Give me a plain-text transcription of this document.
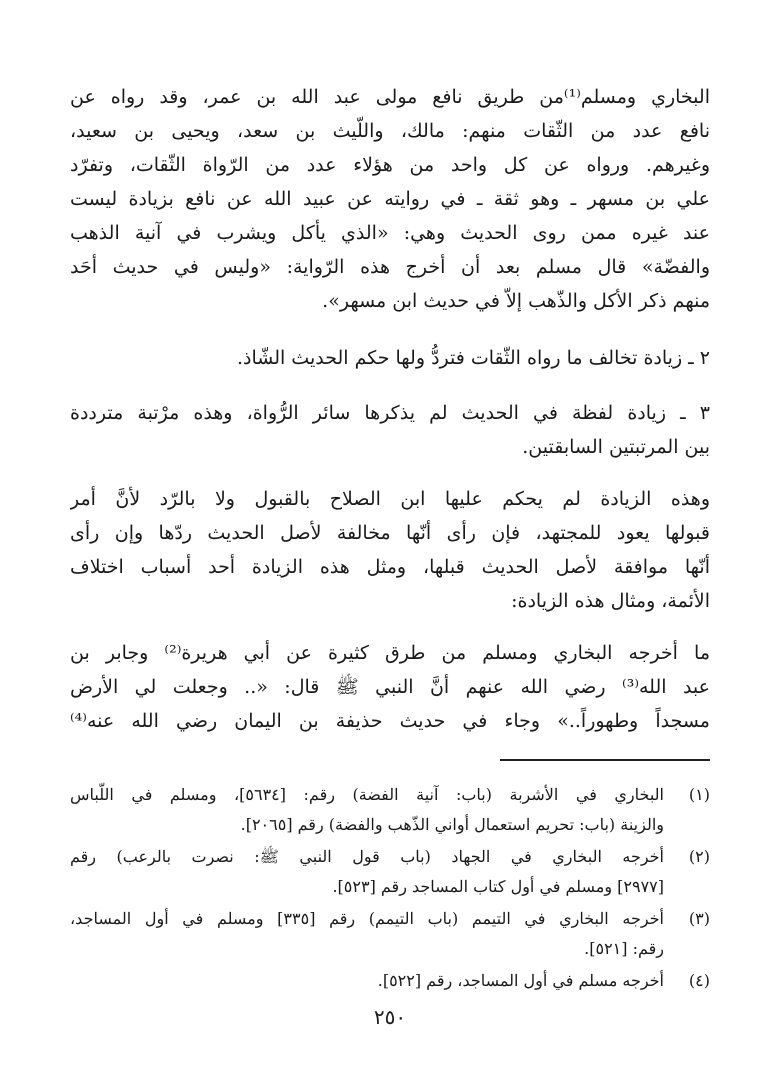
البخاري ومسلم⁽¹⁾من طريق نافع مولى عبد الله بن عمر، وقد رواه عن
نافع عدد من الثّقات منهم: مالك، واللّيث بن سعد، ويحيى بن سعيد،
وغيرهم. ورواه عن كل واحد من هؤلاء عدد من الرّواة الثّقات، وتفرّد
علي بن مسهر ـ وهو ثقة ـ في روايته عن عبيد الله عن نافع بزيادة ليست
عند غيره ممن روى الحديث وهي: «الذي يأكل ويشرب في آنية الذهب
والفضّة» قال مسلم بعد أن أخرج هذه الرّواية: «وليس في حديث أحَد
منهم ذكر الأكل والذّهب إلاّ في حديث ابن مسهر».
٢ ـ زيادة تخالف ما رواه الثّقات فتردُّ ولها حكم الحديث الشّاذ.
٣ ـ زيادة لفظة في الحديث لم يذكرها سائر الرُّواة، وهذه مرْتبة مترددة
بين المرتبتين السابقتين.
وهذه الزيادة لم يحكم عليها ابن الصلاح بالقبول ولا بالرّد لأنَّ أمر
قبولها يعود للمجتهد، فإن رأى أنّها مخالفة لأصل الحديث ردّها وإن رأى
أنّها موافقة لأصل الحديث قبلها، ومثل هذه الزيادة أحد أسباب اختلاف
الأئمة، ومثال هذه الزيادة:
ما أخرجه البخاري ومسلم من طرق كثيرة عن أبي هريرة⁽²⁾ وجابر بن
عبد الله⁽³⁾ رضي الله عنهم أنَّ النبي ﷺ قال: «.. وجعلت لي الأرض
مسجداً وطهوراً..» وجاء في حديث حذيفة بن اليمان رضي الله عنه⁽⁴⁾
(١)
البخاري في الأشربة (باب: آنية الفضة) رقم: [٥٦٣٤]، ومسلم في اللّباس
والزينة (باب: تحريم استعمال أواني الذّهب والفضة) رقم [٢٠٦٥].
(٢)
أخرجه البخاري في الجهاد (باب قول النبي ﷺ: نصرت بالرعب) رقم
[٢٩٧٧] ومسلم في أول كتاب المساجد رقم [٥٢٣].
(٣)
أخرجه البخاري في التيمم (باب التيمم) رقم [٣٣٥] ومسلم في أول المساجد،
رقم: [٥٢١].
(٤)
أخرجه مسلم في أول المساجد، رقم [٥٢٢].
٢٥٠
